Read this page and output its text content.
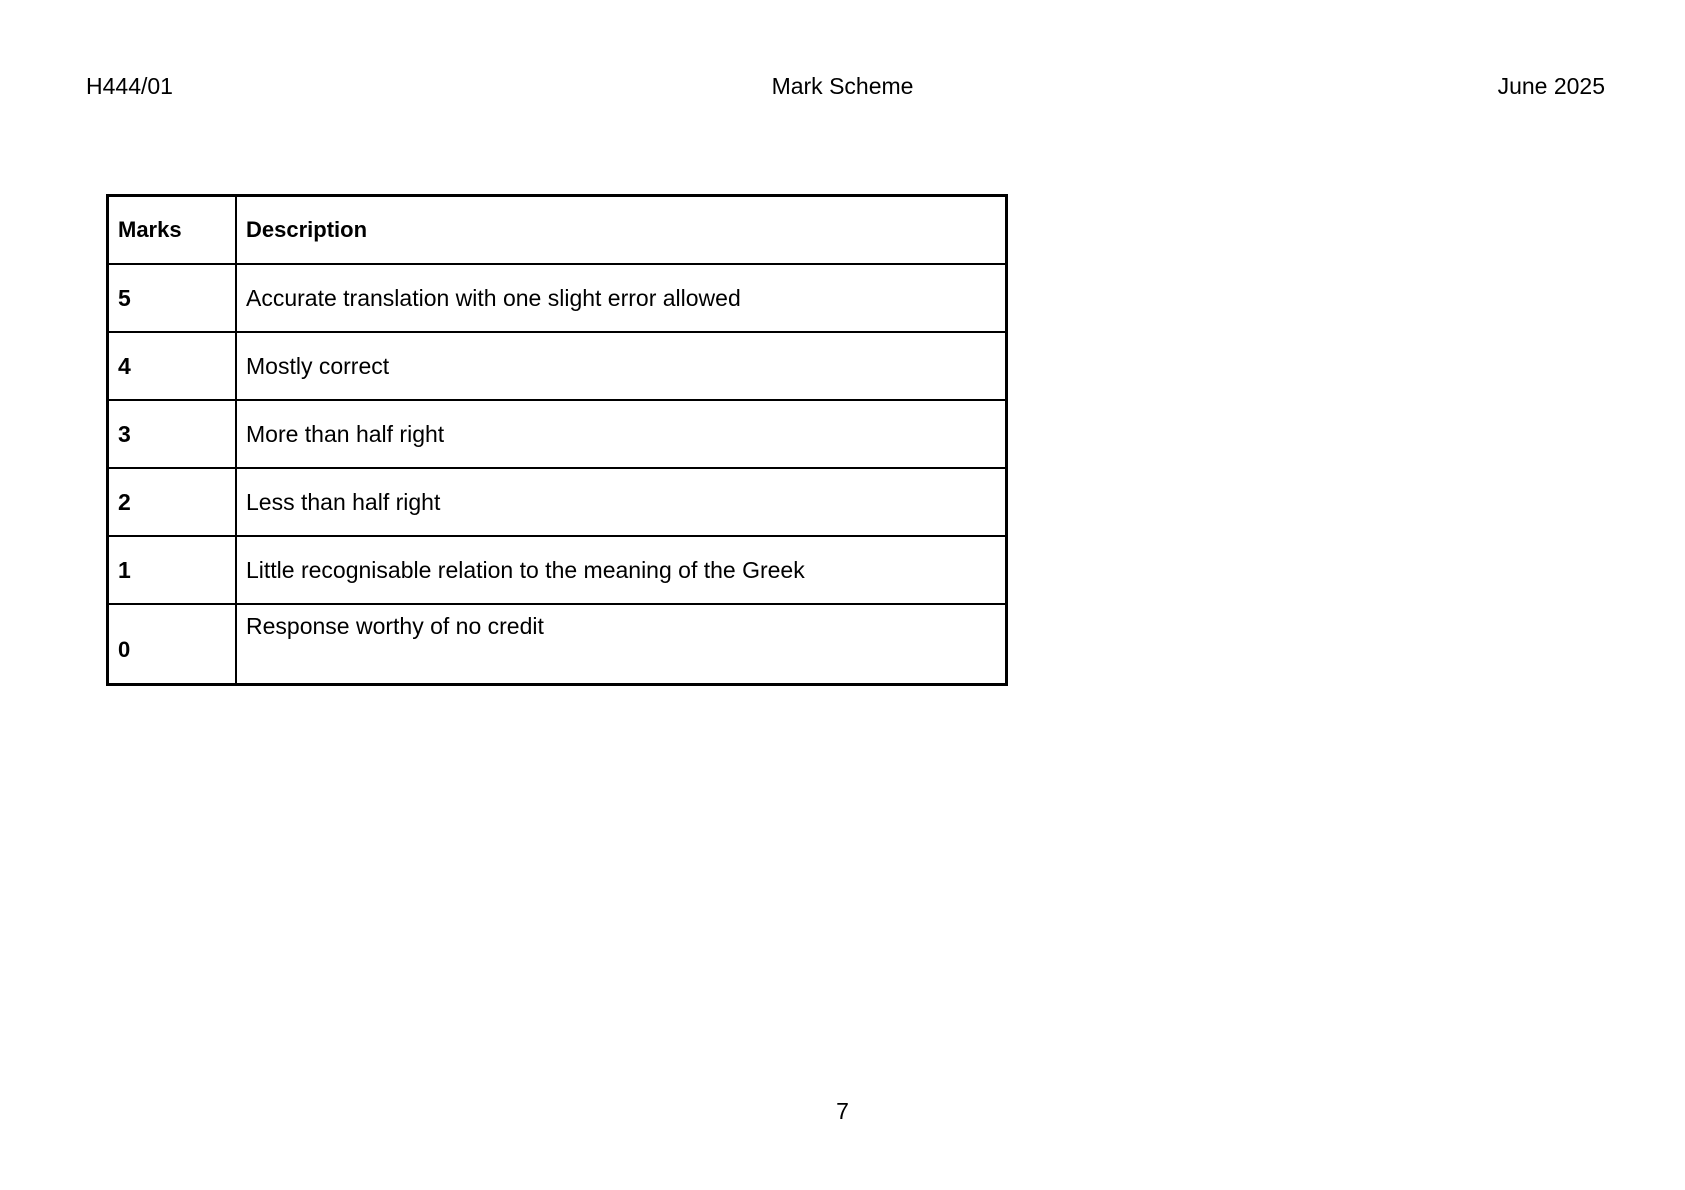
H444/01	Mark Scheme	June 2025
Marks	Description
5	Accurate translation with one slight error allowed
4	Mostly correct
3	More than half right
2	Less than half right
1	Little recognisable relation to the meaning of the Greek
0	Response worthy of no credit
7
